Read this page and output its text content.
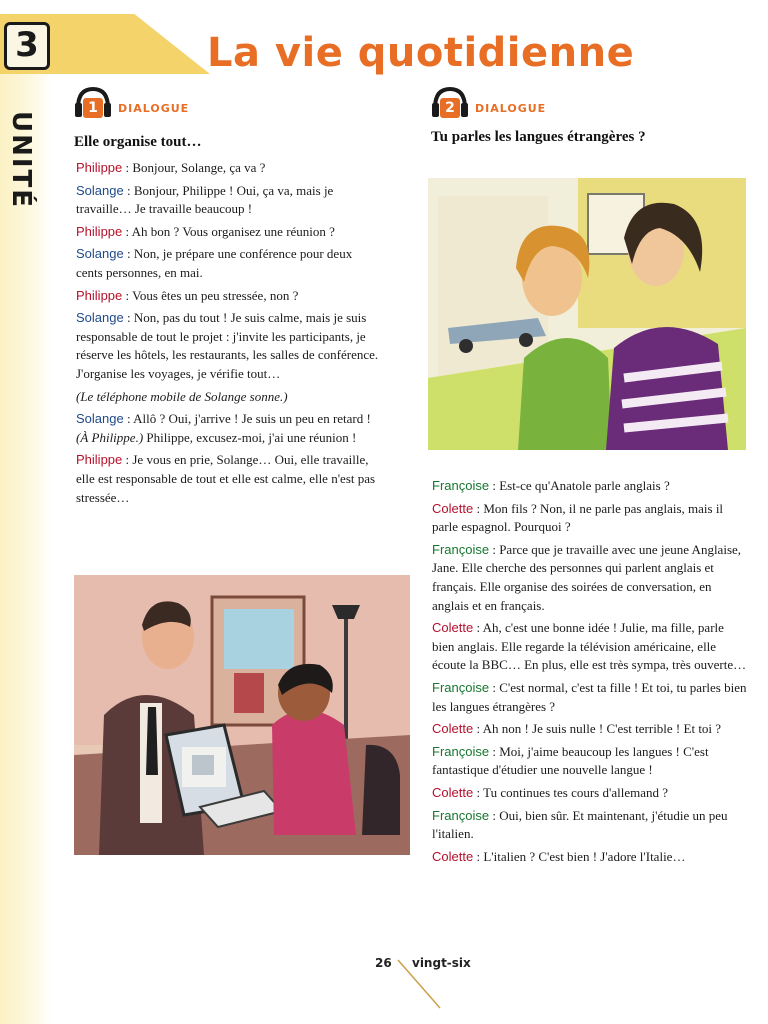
3	La vie quotidienne
UNITÉ
1	DIALOGUE
Elle organise tout…

Philippe : Bonjour, Solange, ça va ?

Solange : Bonjour, Philippe ! Oui, ça va, mais je travaille… Je travaille beaucoup !

Philippe : Ah bon ? Vous organisez une réunion ?

Solange : Non, je prépare une conférence pour deux cents personnes, en mai.

Philippe : Vous êtes un peu stressée, non ?

Solange : Non, pas du tout ! Je suis calme, mais je suis responsable de tout le projet : j'invite les participants, je réserve les hôtels, les restaurants, les salles de conférence. J'organise les voyages, je vérifie tout…

(Le téléphone mobile de Solange sonne.)

Solange : Allô ? Oui, j'arrive ! Je suis un peu en retard ! (À Philippe.) Philippe, excusez-moi, j'ai une réunion !

Philippe : Je vous en prie, Solange… Oui, elle travaille, elle est responsable de tout et elle est calme, elle n'est pas stressée…

2	DIALOGUE
Tu parles les langues étrangères ?

Françoise : Est-ce qu'Anatole parle anglais ?

Colette : Mon fils ? Non, il ne parle pas anglais, mais il parle espagnol. Pourquoi ?

Françoise : Parce que je travaille avec une jeune Anglaise, Jane. Elle cherche des personnes qui parlent anglais et français. Elle organise des soirées de conversation, en anglais et en français.

Colette : Ah, c'est une bonne idée ! Julie, ma fille, parle bien anglais. Elle regarde la télévision américaine, elle écoute la BBC… En plus, elle est très sympa, très ouverte…

Françoise : C'est normal, c'est ta fille ! Et toi, tu parles bien les langues étrangères ?

Colette : Ah non ! Je suis nulle ! C'est terrible ! Et toi ?

Françoise : Moi, j'aime beaucoup les langues ! C'est fantastique d'étudier une nouvelle langue !

Colette : Tu continues tes cours d'allemand ?

Françoise : Oui, bien sûr. Et maintenant, j'étudie un peu l'italien.

Colette : L'italien ? C'est bien ! J'adore l'Italie…

26 vingt-six
